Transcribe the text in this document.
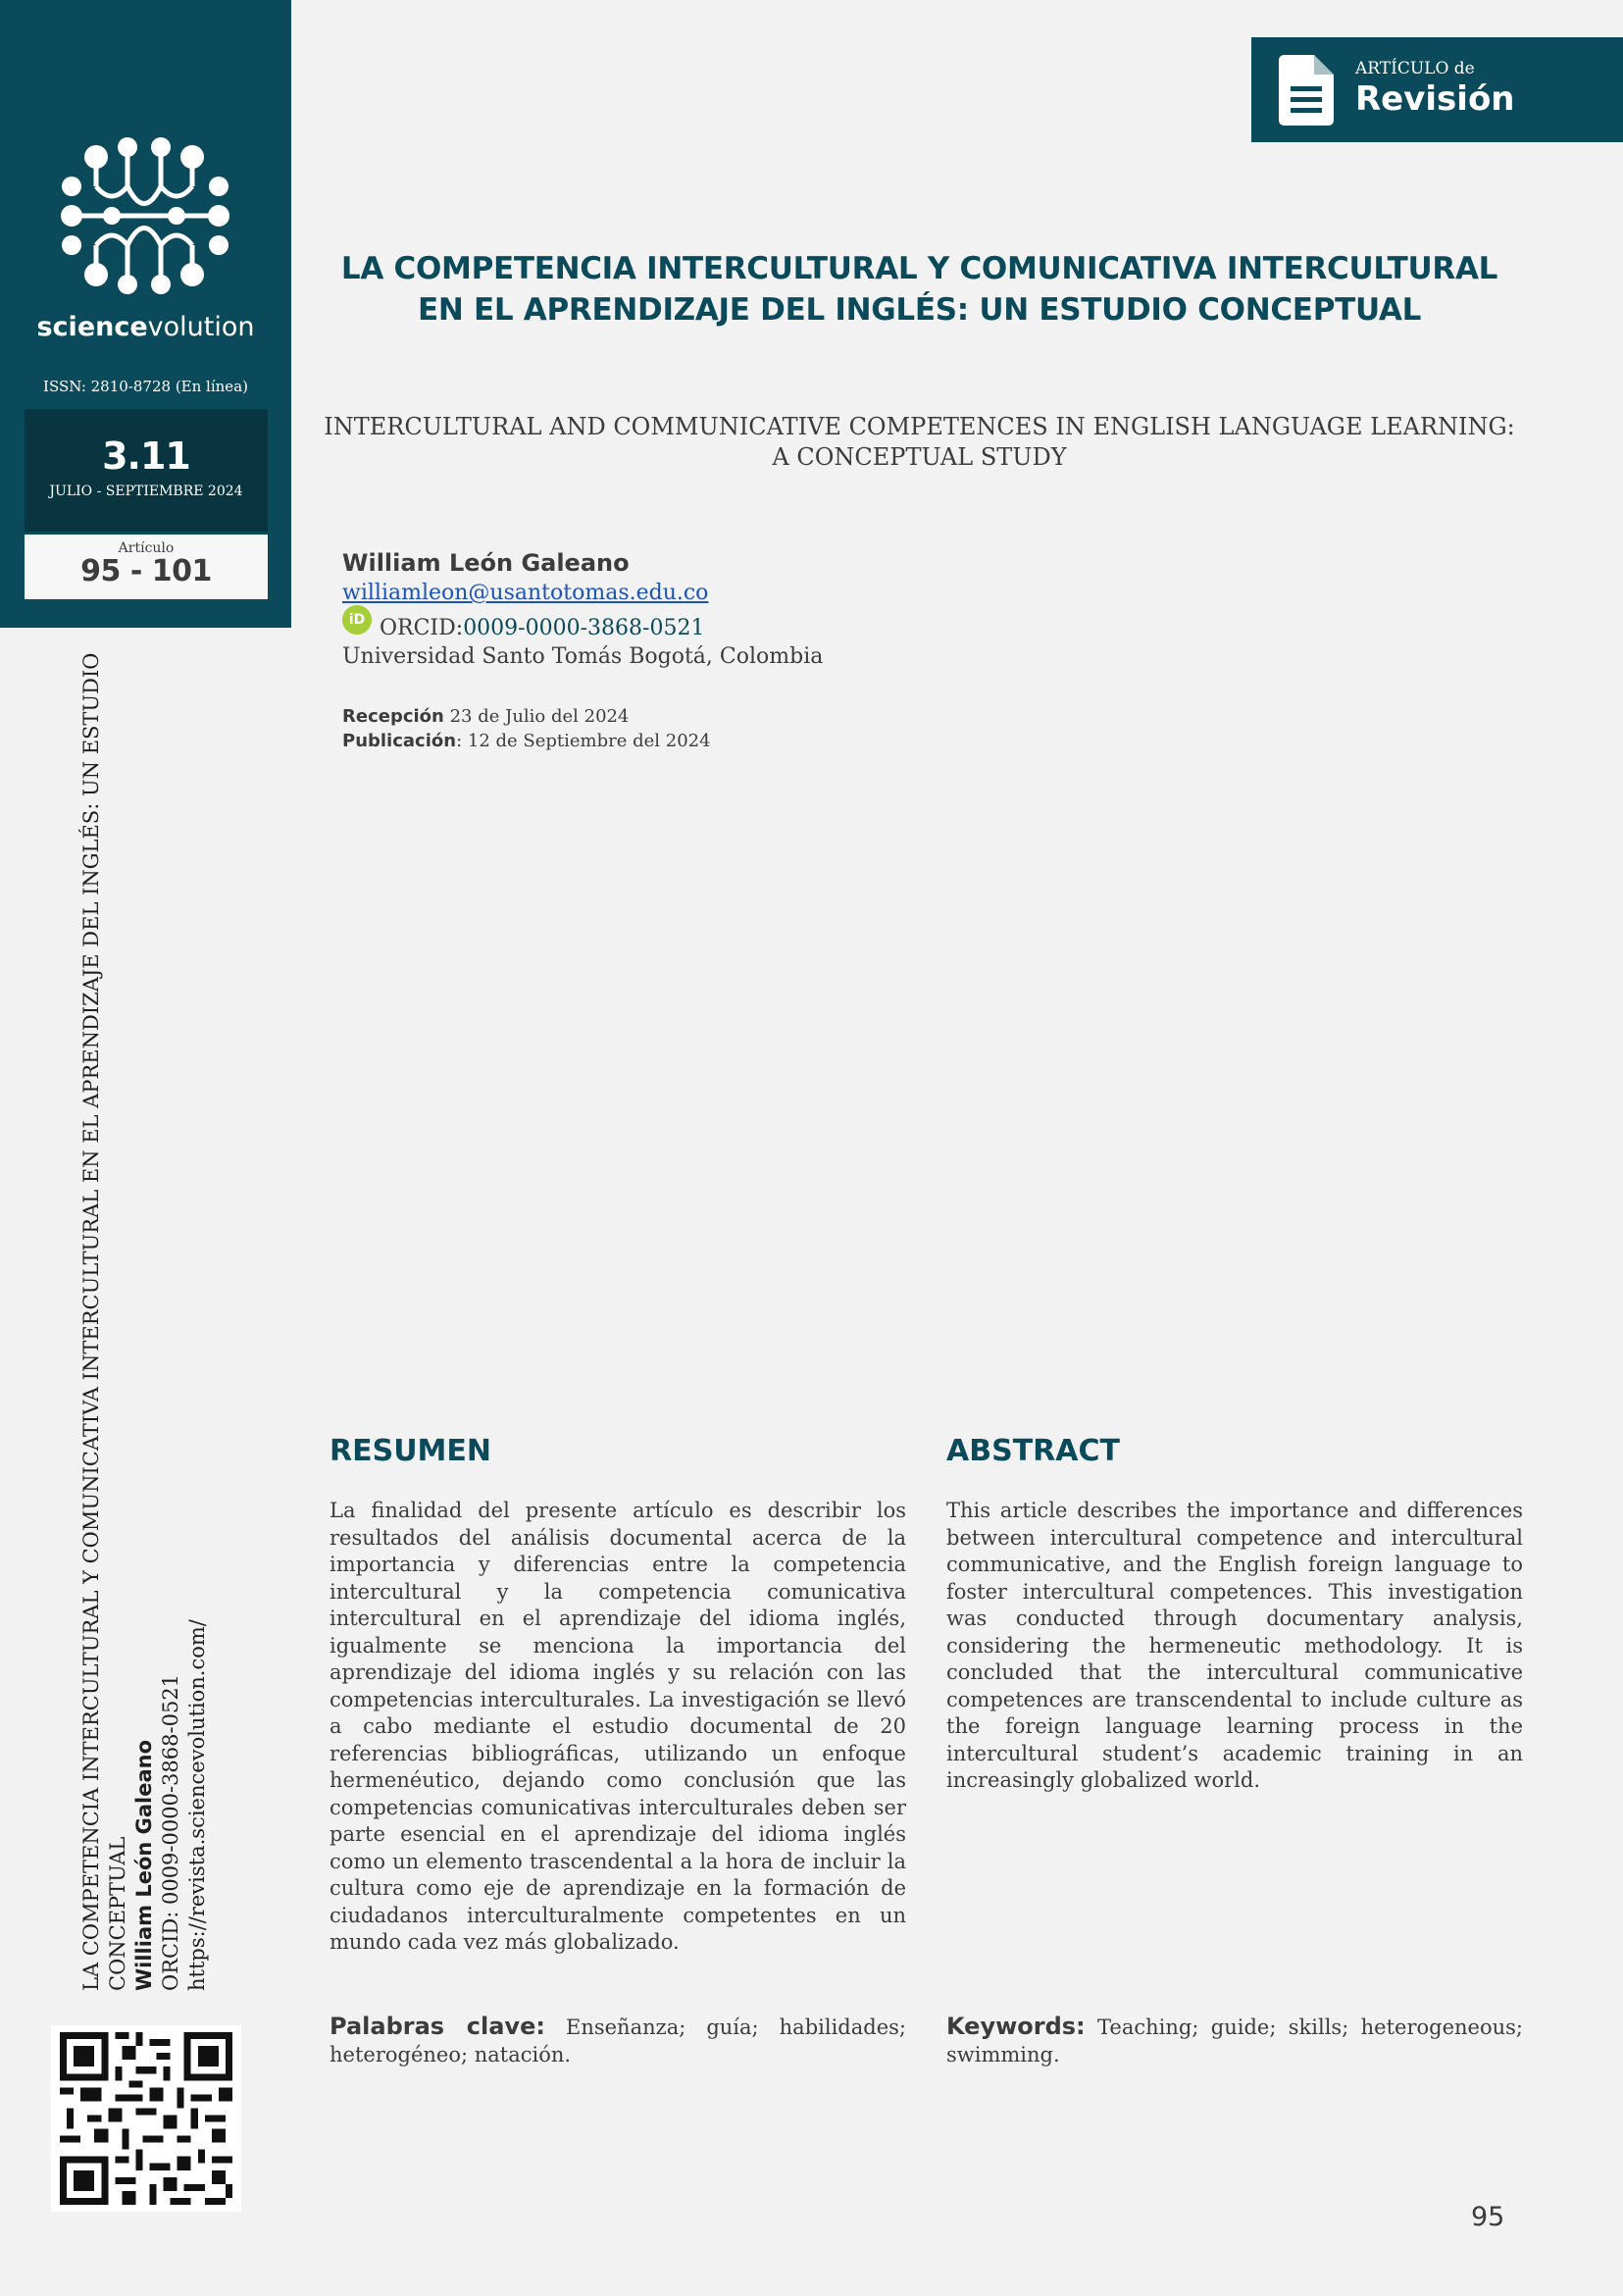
sciencevolution
ISSN: 2810-8728 (En línea)
3.11
JULIO - SEPTIEMBRE 2024
Artículo
95 - 101
LA COMPETENCIA INTERCULTURAL Y COMUNICATIVA INTERCULTURAL EN EL APRENDIZAJE DEL INGLÉS: UN ESTUDIO CONCEPTUAL William León Galeano ORCID: 0009-0000-3868-0521 https://revista.sciencevolution.com/
ARTÍCULO de
Revisión
LA COMPETENCIA INTERCULTURAL Y COMUNICATIVA INTERCULTURAL EN EL APRENDIZAJE DEL INGLÉS: UN ESTUDIO CONCEPTUAL
INTERCULTURAL AND COMMUNICATIVE COMPETENCES IN ENGLISH LANGUAGE LEARNING: A CONCEPTUAL STUDY
William León Galeano
williamleon@usantotomas.edu.co
iD ORCID: 0009-0000-3868-0521
Universidad Santo Tomás Bogotá, Colombia
Recepción 23 de Julio del 2024
Publicación: 12 de Septiembre del 2024
RESUMEN

La finalidad del presente artículo es describir los resultados del análisis documental acerca de la importancia y diferencias entre la competencia intercultural y la competencia comunicativa intercultural en el aprendizaje del idioma inglés, igualmente se menciona la importancia del aprendizaje del idioma inglés y su relación con las competencias interculturales. La investigación se llevó a cabo mediante el estudio documental de 20 referencias bibliográficas, utilizando un enfoque hermenéutico, dejando como conclusión que las competencias comunicativas interculturales deben ser parte esencial en el aprendizaje del idioma inglés como un elemento trascendental a la hora de incluir la cultura como eje de aprendizaje en la formación de ciudadanos interculturalmente competentes en un mundo cada vez más globalizado.

ABSTRACT

This article describes the importance and differences between intercultural competence and intercultural communicative, and the English foreign language to foster intercultural competences. This investigation was conducted through documentary analysis, considering the hermeneutic methodology. It is concluded that the intercultural communicative competences are transcendental to include culture as the foreign language learning process in the intercultural student’s academic training in an increasingly globalized world.

Palabras clave: Enseñanza; guía; habilidades; heterogéneo; natación.
Keywords: Teaching; guide; skills; heterogeneous; swimming.
95
